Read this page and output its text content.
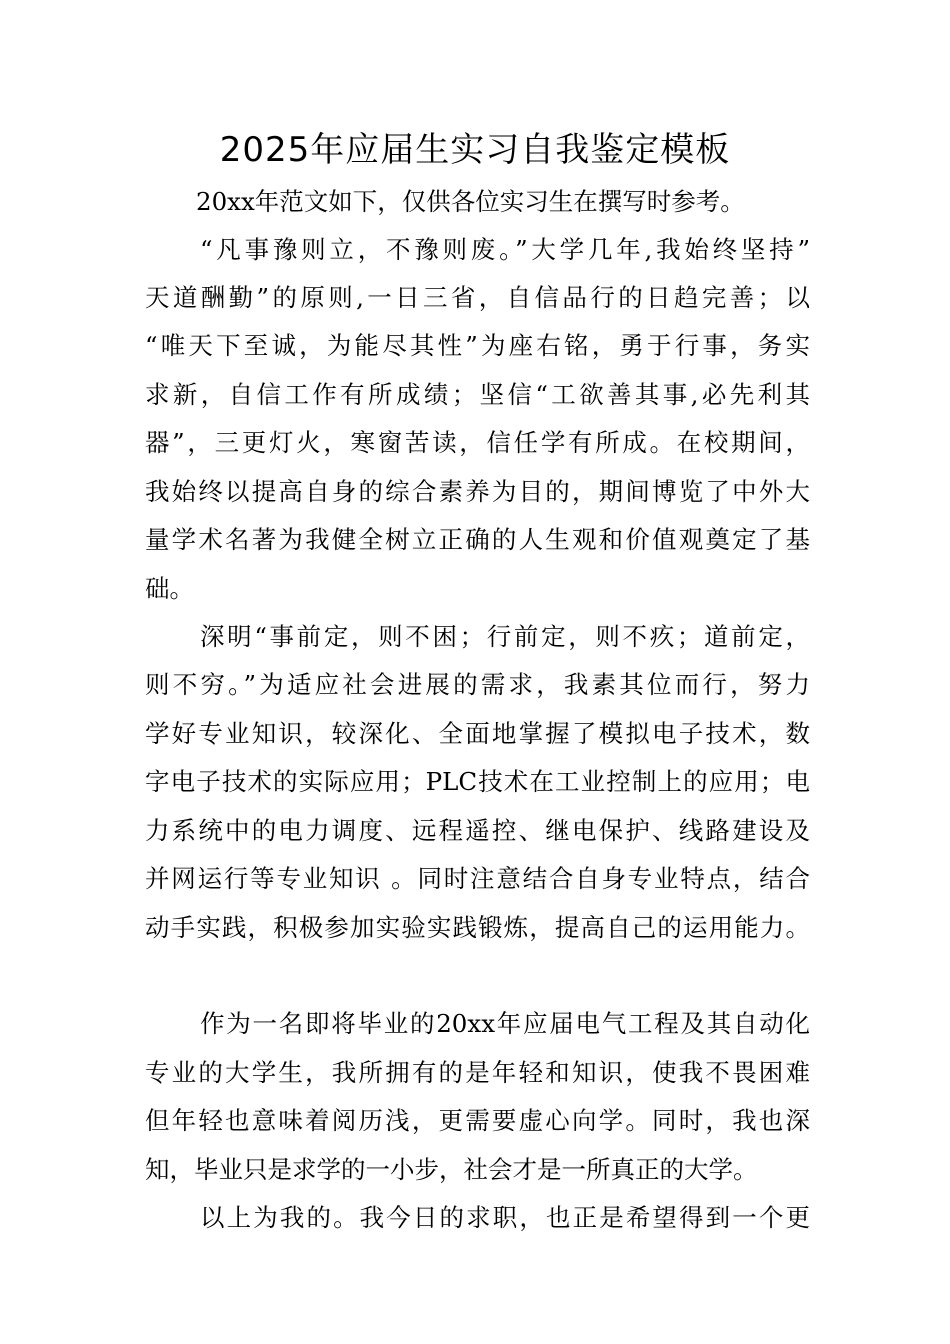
2025年应届生实习自我鉴定模板
20xx年范文如下，仅供各位实习生在撰写时参考。
“凡事豫则立，不豫则废。”大学几年,我始终坚持”
天道酬勤”的原则,一日三省，自信品行的日趋完善；以
“唯天下至诚，为能尽其性”为座右铭，勇于行事，务实
求新，自信工作有所成绩；坚信“工欲善其事,必先利其
器”，三更灯火，寒窗苦读，信任学有所成。在校期间，
我始终以提高自身的综合素养为目的，期间博览了中外大
量学术名著为我健全树立正确的人生观和价值观奠定了基
础。
深明“事前定，则不困；行前定，则不疚；道前定，
则不穷。”为适应社会进展的需求，我素其位而行，努力
学好专业知识，较深化、全面地掌握了模拟电子技术，数
字电子技术的实际应用；PLC技术在工业控制上的应用；电
力系统中的电力调度、远程遥控、继电保护、线路建设及
并网运行等专业知识 。同时注意结合自身专业特点，结合
动手实践，积极参加实验实践锻炼，提高自己的运用能力。
作为一名即将毕业的20xx年应届电气工程及其自动化
专业的大学生，我所拥有的是年轻和知识，使我不畏困难
但年轻也意味着阅历浅，更需要虚心向学。同时，我也深
知，毕业只是求学的一小步，社会才是一所真正的大学。
以上为我的。我今日的求职，也正是希望得到一个更
